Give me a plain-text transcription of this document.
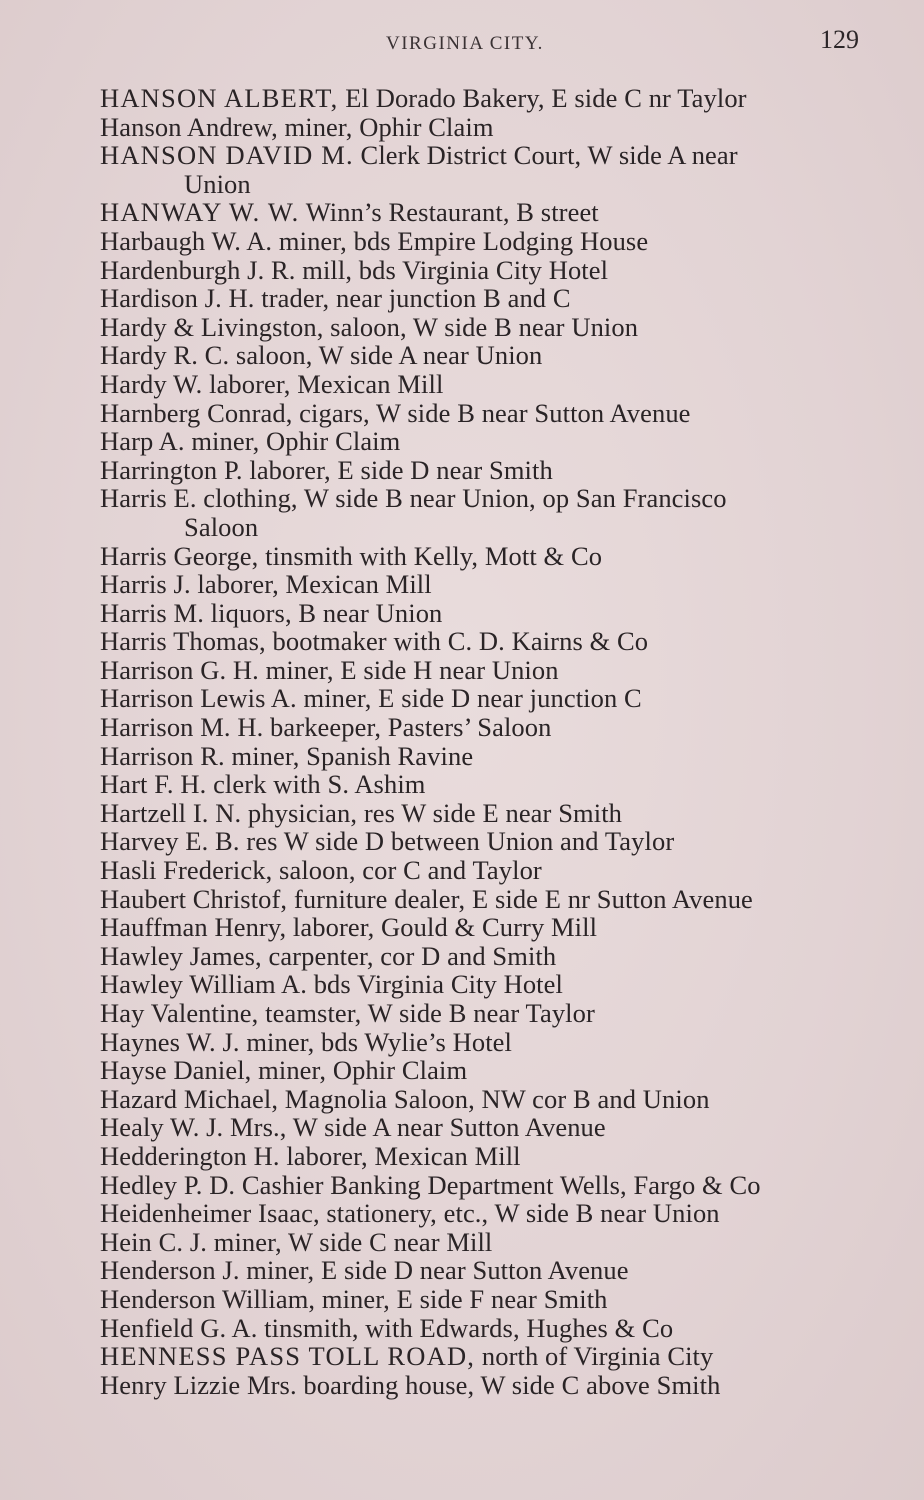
VIRGINIA CITY.	129
HANSON ALBERT, El Dorado Bakery, E side C nr Taylor
Hanson Andrew, miner, Ophir Claim
HANSON DAVID M. Clerk District Court, W side A near
Union
HANWAY W. W. Winn’s Restaurant, B street
Harbaugh W. A. miner, bds Empire Lodging House
Hardenburgh J. R. mill, bds Virginia City Hotel
Hardison J. H. trader, near junction B and C
Hardy & Livingston, saloon, W side B near Union
Hardy R. C. saloon, W side A near Union
Hardy W. laborer, Mexican Mill
Harnberg Conrad, cigars, W side B near Sutton Avenue
Harp A. miner, Ophir Claim
Harrington P. laborer, E side D near Smith
Harris E. clothing, W side B near Union, op San Francisco
Saloon
Harris George, tinsmith with Kelly, Mott & Co
Harris J. laborer, Mexican Mill
Harris M. liquors, B near Union
Harris Thomas, bootmaker with C. D. Kairns & Co
Harrison G. H. miner, E side H near Union
Harrison Lewis A. miner, E side D near junction C
Harrison M. H. barkeeper, Pasters’ Saloon
Harrison R. miner, Spanish Ravine
Hart F. H. clerk with S. Ashim
Hartzell I. N. physician, res W side E near Smith
Harvey E. B. res W side D between Union and Taylor
Hasli Frederick, saloon, cor C and Taylor
Haubert Christof, furniture dealer, E side E nr Sutton Avenue
Hauffman Henry, laborer, Gould & Curry Mill
Hawley James, carpenter, cor D and Smith
Hawley William A. bds Virginia City Hotel
Hay Valentine, teamster, W side B near Taylor
Haynes W. J. miner, bds Wylie’s Hotel
Hayse Daniel, miner, Ophir Claim
Hazard Michael, Magnolia Saloon, NW cor B and Union
Healy W. J. Mrs., W side A near Sutton Avenue
Hedderington H. laborer, Mexican Mill
Hedley P. D. Cashier Banking Department Wells, Fargo & Co
Heidenheimer Isaac, stationery, etc., W side B near Union
Hein C. J. miner, W side C near Mill
Henderson J. miner, E side D near Sutton Avenue
Henderson William, miner, E side F near Smith
Henfield G. A. tinsmith, with Edwards, Hughes & Co
HENNESS PASS TOLL ROAD, north of Virginia City
Henry Lizzie Mrs. boarding house, W side C above Smith
